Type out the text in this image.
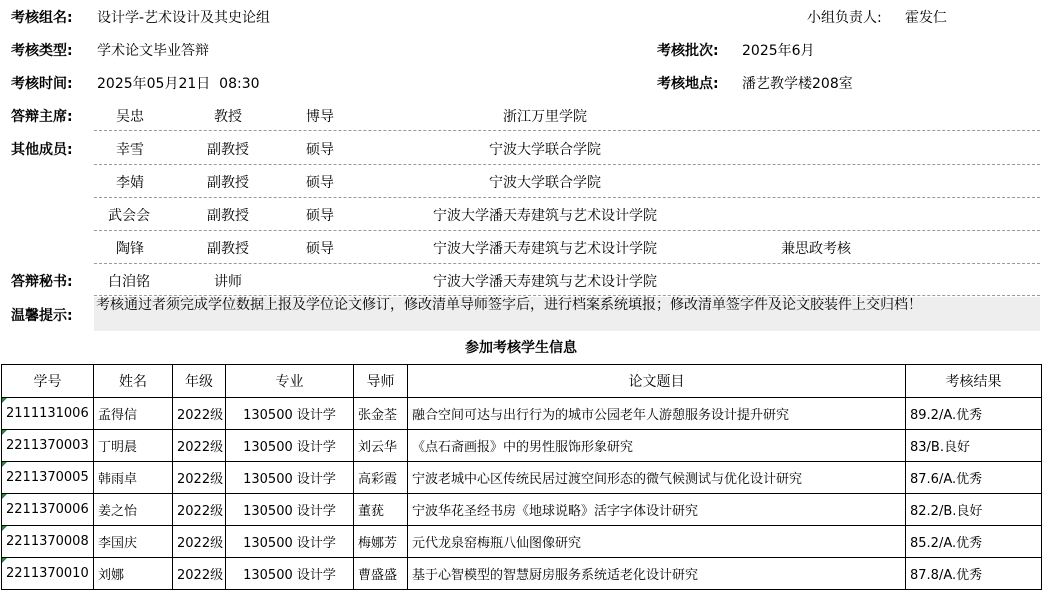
考核组名: 设计学-艺术设计及其史论组	小组负责人: 霍发仁
考核类型: 学术论文毕业答辩	考核批次: 2025年6月
考核时间: 2025年05月21日  08:30	考核地点: 潘艺教学楼208室
答辩主席:	吴忠	教授	博导	浙江万里学院
其他成员:	幸雪	副教授	硕导	宁波大学联合学院
李婧	副教授	硕导	宁波大学联合学院
武会会	副教授	硕导	宁波大学潘天寿建筑与艺术设计学院
陶锋	副教授	硕导	宁波大学潘天寿建筑与艺术设计学院	兼思政考核
答辩秘书:	白洎铭	讲师	宁波大学潘天寿建筑与艺术设计学院
温馨提示:
考核通过者须完成学位数据上报及学位论文修订，修改清单导师签字后，进行档案系统填报；修改清单签字件及论文胶装件上交归档！
参加考核学生信息
学号	姓名	年级	专业	导师	论文题目	考核结果

2111131006	孟得信	2022级	130500 设计学	张金荃	融合空间可达与出行行为的城市公园老年人游憩服务设计提升研究	89.2/A.优秀

2211370003	丁明晨	2022级	130500 设计学	刘云华	《点石斋画报》中的男性服饰形象研究	83/B.良好

2211370005	韩雨卓	2022级	130500 设计学	高彩霞	宁波老城中心区传统民居过渡空间形态的微气候测试与优化设计研究	87.6/A.优秀

2211370006	姜之怡	2022级	130500 设计学	董莸	宁波华花圣经书房《地球说略》活字字体设计研究	82.2/B.良好

2211370008	李国庆	2022级	130500 设计学	梅娜芳	元代龙泉窑梅瓶八仙图像研究	85.2/A.优秀

2211370010	刘娜	2022级	130500 设计学	曹盛盛	基于心智模型的智慧厨房服务系统适老化设计研究	87.8/A.优秀
